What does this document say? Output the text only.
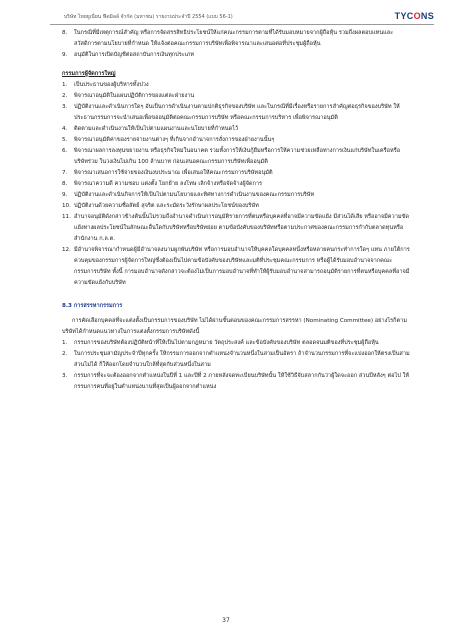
บริษัท ไทยยูเนี่ยน ฟีดมิลล์ จำกัด (มหาชน) รายงานประจำปี 2554 (แบบ 56-1)	TYCONS
8. ในกรณีที่มีเหตุการณ์สำคัญ หรือการจัดสรรสิทธิประโยชน์ให้แก่คณะกรรมการตามที่ได้รับมอบหมายจากผู้ถือหุ้น รวมถึงผลตอบแทนและสวัสดิการตามนโยบายที่กำหนด ให้แจ้งต่อคณะกรรมการบริษัทเพื่อพิจารณาและเสนอต่อที่ประชุมผู้ถือหุ้น
9. อนุมัติในการเปิดบัญชีต่อสถาบันการเงินทุกประเภท
กรรมการผู้จัดการใหญ่
1. เป็นประธานของผู้บริหารทั้งปวง
2. พิจารณาอนุมัติในแผนปฏิบัติการของแต่ละฝ่ายงาน
3. ปฏิบัติงานและดำเนินการใดๆ อันเป็นการดำเนินงานตามปกติธุรกิจของบริษัท และในกรณีที่มีเรื่องหรือรายการสำคัญต่อธุรกิจของบริษัท ให้ประธานกรรมการจะนำเสนอเพื่อขออนุมัติต่อคณะกรรมการบริษัท หรือคณะกรรมการบริหาร เพื่อพิจารณาอนุมัติ
4. ติดตามและดำเนินงานให้เป็นไปตามแผนงานและนโยบายที่กำหนดไว้
5. พิจารณาอนุมัติค่าของรายจ่ายงานต่างๆ ที่เกินจากอำนาจการสั่งการของฝ่ายงานนั้นๆ
6. พิจารณาผลการลงทุนขยายงาน หรือธุรกิจใหม่ในอนาคต รวมทั้งการให้เงินกู้ยืมหรือการให้ความช่วยเหลือทางการเงินแก่บริษัทในเครือหรือบริษัทร่วม ในวงเงินไม่เกิน 100 ล้านบาท ก่อนเสนอคณะกรรมการบริษัทเพื่ออนุมัติ
7. พิจารณาเสนอการใช้จ่ายของเงินงบประมาณ เพื่อเสนอให้คณะกรรมการบริษัทอนุมัติ
8. พิจารณาความดี ความชอบ แต่งตั้ง โยกย้าย ลงโทษ เลิกจ้างหรือจัดจ้างผู้จัดการ
9. ปฏิบัติงานและดำเนินกิจการให้เป็นไปตามนโยบายและทิศทางการดำเนินงานของคณะกรรมการบริษัท
10. ปฏิบัติงานด้วยความซื่อสัตย์ สุจริต และระมัดระวังรักษาผลประโยชน์ของบริษัท
11. อำนาจอนุมัติดังกล่าวข้างต้นนั้นไม่รวมถึงอำนาจดำเนินการอนุมัติรายการที่ตนหรือบุคคลที่อาจมีความขัดแย้ง มีส่วนได้เสีย หรืออาจมีความขัดแย้งทางผลประโยชน์ในลักษณะอื่นใดกับบริษัทหรือบริษัทย่อย ตามข้อบังคับของบริษัทหรือตามประกาศของคณะกรรมการกำกับตลาดทุนหรือสำนักงาน ก.ล.ต.
12. มีอำนาจพิจารณากำหนดผู้มีอำนาจลงนามผูกพันบริษัท หรือการมอบอำนาจให้บุคคลใดบุคคลหนึ่งหรือหลายคนกระทำการใดๆ แทน ภายใต้การควบคุมของกรรมการผู้จัดการใหญ่ซึ่งต้องเป็นไปตามข้อบังคับของบริษัทและมติที่ประชุมคณะกรรมการ หรือผู้ได้รับมอบอำนาจจากคณะกรรมการบริษัท ทั้งนี้ การมอบอำนาจดังกล่าวจะต้องไม่เป็นการมอบอำนาจที่ทำให้ผู้รับมอบอำนาจสามารถอนุมัติรายการที่ตนหรือบุคคลที่อาจมีความขัดแย้งกับบริษัท
8.3 การสรรหากรรมการ
การคัดเลือกบุคคลที่จะแต่งตั้งเป็นกรรมการของบริษัท ไม่ได้ผ่านขั้นตอนของคณะกรรมการสรรหา (Nominating Committee) อย่างไรก็ตาม บริษัทได้กำหนดแนวทางในการแต่งตั้งกรรมการบริษัทดังนี้
1. กรรมการของบริษัทต้องปฏิบัติหน้าที่ให้เป็นไปตามกฎหมาย วัตถุประสงค์ และข้อบังคับของบริษัท ตลอดจนมติของที่ประชุมผู้ถือหุ้น
2. ในการประชุมสามัญประจำปีทุกครั้ง ให้กรรมการออกจากตำแหน่งจำนวนหนึ่งในสามเป็นอัตรา ถ้าจำนวนกรรมการที่จะแบ่งออกให้ตรงเป็นสามส่วนไม่ได้ ก็ให้ออกโดยจำนวนใกล้ที่สุดกับส่วนหนึ่งในสาม
3. กรรมการที่จะจะต้องออกจากตำแหน่งในปีที่ 1 และปีที่ 2 ภายหลังจดทะเบียนบริษัทนั้น ให้ใช้วิธีจับสลากกันว่าผู้ใดจะออก ส่วนปีหลังๆ ต่อไป ให้กรรมการคนที่อยู่ในตำแหน่งนานที่สุดเป็นผู้ออกจากตำแหน่ง
37
